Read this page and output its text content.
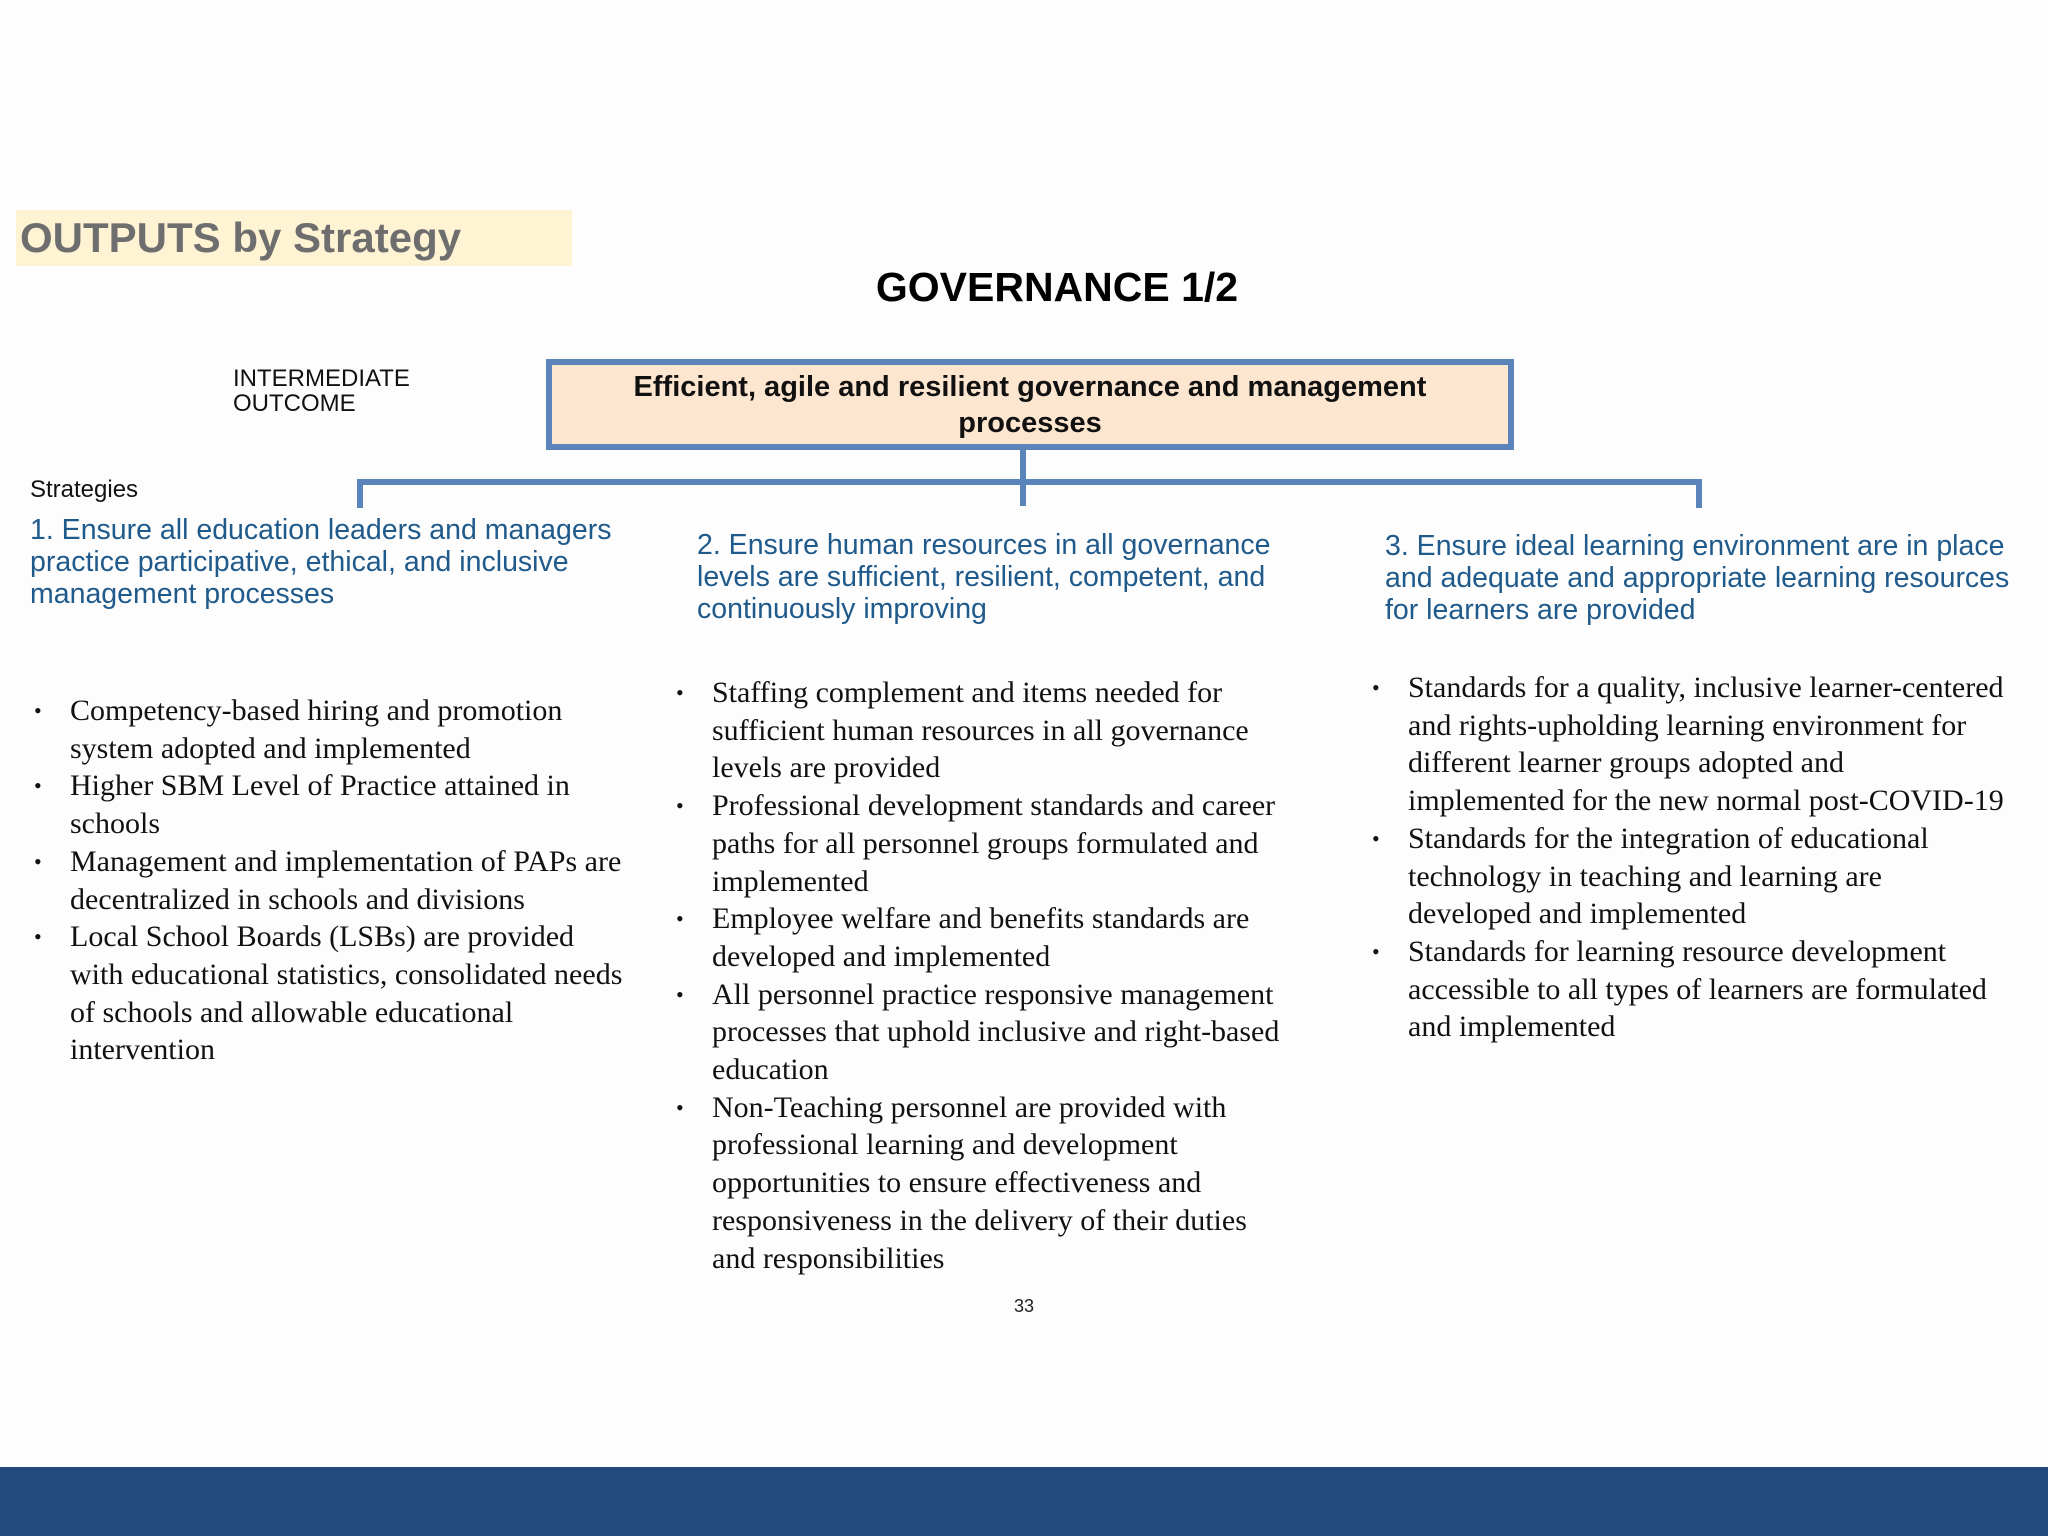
OUTPUTS by Strategy
GOVERNANCE 1/2
INTERMEDIATE OUTCOME
Efficient, agile and resilient governance and management processes
Strategies
1. Ensure all education leaders and managers practice participative, ethical, and inclusive management processes
2. Ensure human resources in all governance levels are sufficient, resilient, competent, and continuously improving
3. Ensure ideal learning environment are in place and adequate and appropriate learning resources for learners are provided
• Competency-based hiring and promotion system adopted and implemented
• Higher SBM Level of Practice attained in schools
• Management and implementation of PAPs are decentralized in schools and divisions
• Local School Boards (LSBs) are provided with educational statistics, consolidated needs of schools and allowable educational intervention
• Staffing complement and items needed for sufficient human resources in all governance levels are provided
• Professional development standards and career paths for all personnel groups formulated and implemented
• Employee welfare and benefits standards are developed and implemented
• All personnel practice responsive management processes that uphold inclusive and right-based education
• Non-Teaching personnel are provided with professional learning and development opportunities to ensure effectiveness and responsiveness in the delivery of their duties and responsibilities
• Standards for a quality, inclusive learner-centered and rights-upholding learning environment for different learner groups adopted and implemented for the new normal post-COVID-19
• Standards for the integration of educational technology in teaching and learning are developed and implemented
• Standards for learning resource development accessible to all types of learners are formulated and implemented
33
